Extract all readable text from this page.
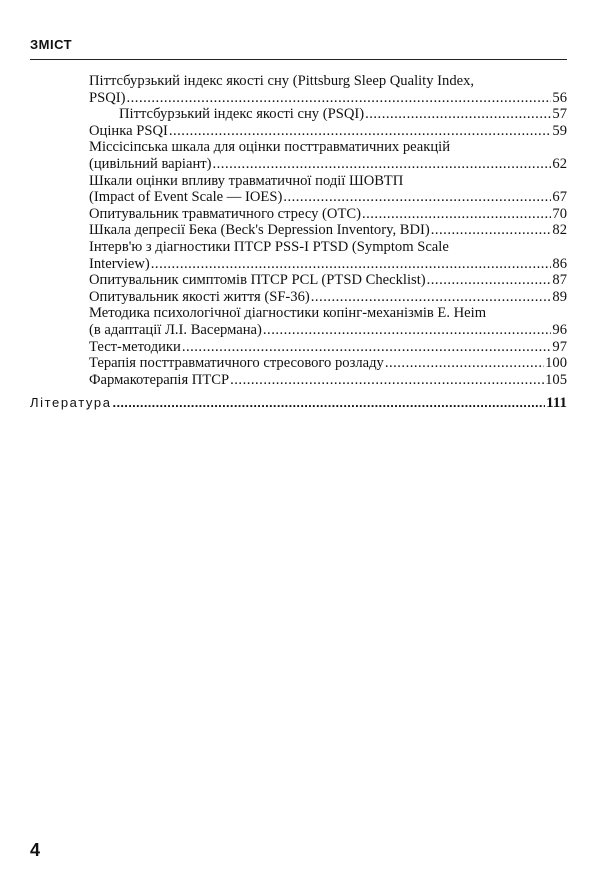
ЗМІСТ
Піттсбурзький індекс якості сну (Pittsburg Sleep Quality Index,
PSQI) .....	56
Піттсбурзький індекс якості сну (PSQI) .....	57
Оцінка PSQI .....	59
Міссісіпська шкала для оцінки посттравматичних реакцій
(цивільний варіант) .....	62
Шкали оцінки впливу травматичної події ШОВТП
(Impact of Event Scale — IOES) .....	67
Опитувальник травматичного стресу (ОТС) .....	70
Шкала депресії Бека (Beck's Depression Inventory, BDI) .....	82
Інтерв'ю з діагностики ПТСР PSS-I PTSD (Symptom Scale
Interview) .....	86
Опитувальник симптомів ПТСР PCL (PTSD Checklist) .....	87
Опитувальник якості життя (SF-36) .....	89
Методика психологічної діагностики копінг-механізмів E. Heim
(в адаптації Л.І. Васермана) .....	96
Тест-методики .....	97
Терапія посттравматичного стресового розладу .....	100
Фармакотерапія ПТСР .....	105
Література .....	111
4
